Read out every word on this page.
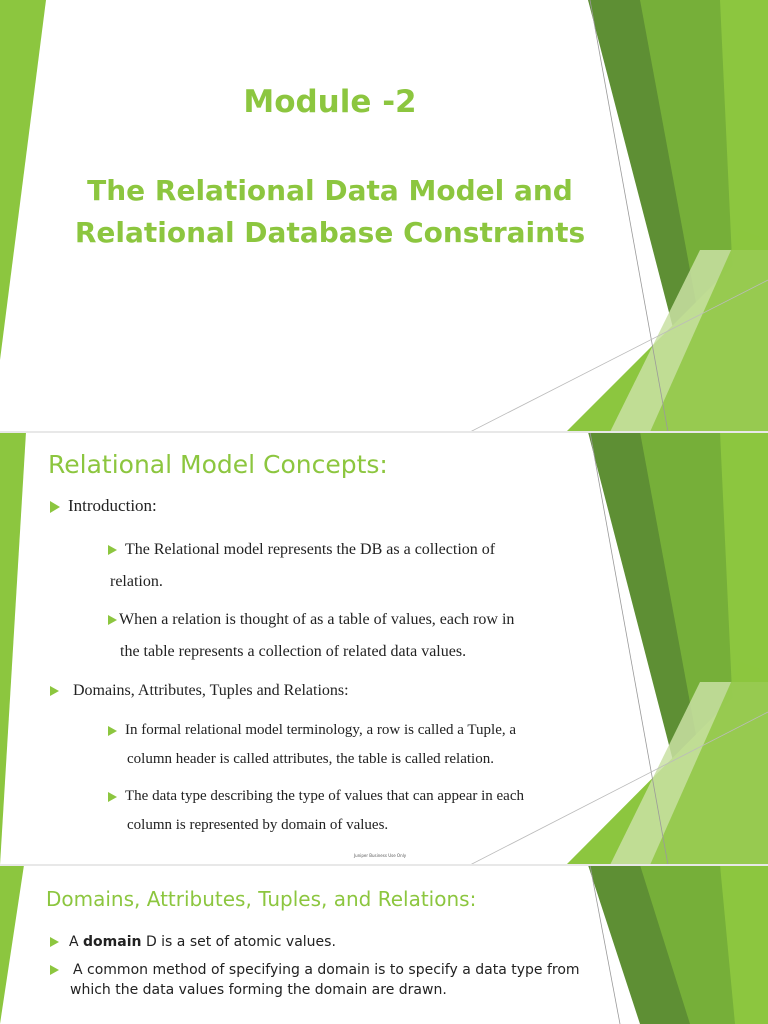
Module -2
The Relational Data Model and
Relational Database Constraints
Relational Model Concepts:
Introduction:
The Relational model represents the DB as a collection of
relation.
When a relation is thought of as a table of values, each row in
the table represents a collection of related data values.
Domains, Attributes, Tuples and Relations:
In formal relational model terminology, a row is called a Tuple, a
column header is called attributes, the table is called relation.
The data type describing the type of values that can appear in each
column is represented by domain of values.
Juniper Business Use Only
Domains, Attributes, Tuples, and Relations:
A domain D is a set of atomic values.
A common method of specifying a domain is to specify a data type from
which the data values forming the domain are drawn.
